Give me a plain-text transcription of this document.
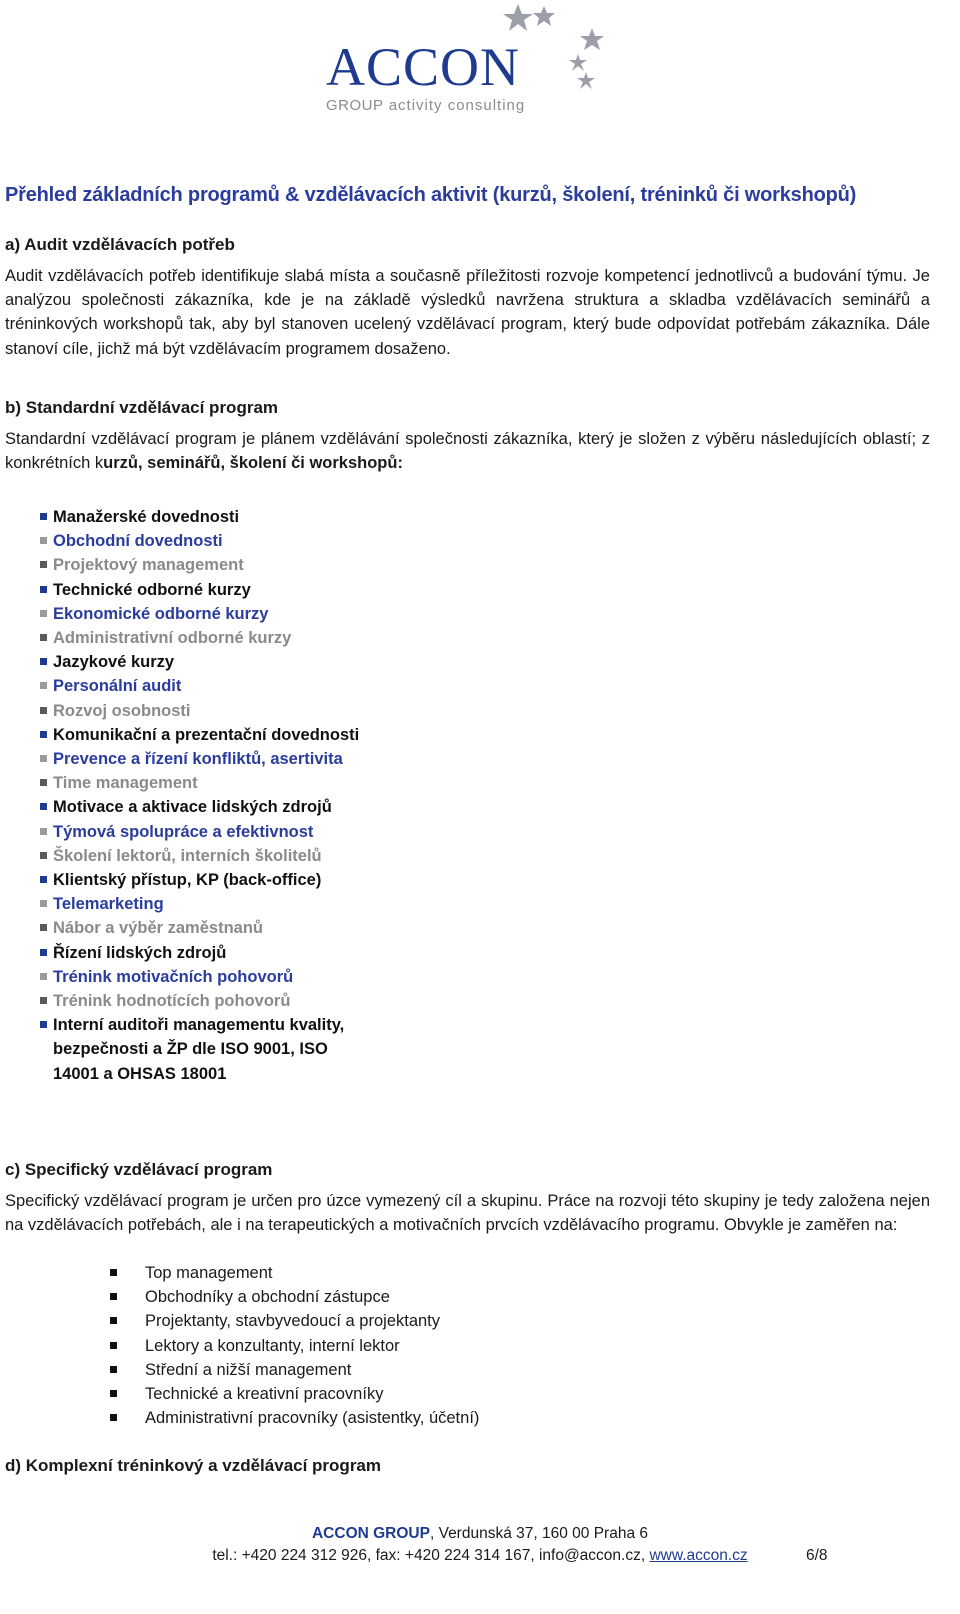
ACCON
GROUP activity consulting
Přehled základních programů & vzdělávacích aktivit (kurzů, školení, tréninků či workshopů)
a) Audit vzdělávacích potřeb
Audit vzdělávacích potřeb identifikuje slabá místa a současně příležitosti rozvoje kompetencí jednotlivců a budování týmu. Je analýzou společnosti zákazníka, kde je na základě výsledků navržena struktura a skladba vzdělávacích seminářů a tréninkových workshopů tak, aby byl stanoven ucelený vzdělávací program, který bude odpovídat potřebám zákazníka. Dále stanoví cíle, jichž má být vzdělávacím programem dosaženo.
b) Standardní vzdělávací program
Standardní vzdělávací program je plánem vzdělávání společnosti zákazníka, který je složen z výběru následujících oblastí; z konkrétních kurzů, seminářů, školení či workshopů:
Manažerské dovednosti
Obchodní dovednosti
Projektový management
Technické odborné kurzy
Ekonomické odborné kurzy
Administrativní odborné kurzy
Jazykové kurzy
Personální audit
Rozvoj osobnosti
Komunikační a prezentační dovednosti
Prevence a řízení konfliktů, asertivita
Time management
Motivace a aktivace lidských zdrojů
Týmová spolupráce a efektivnost
Školení lektorů, interních školitelů
Klientský přístup, KP (back-office)
Telemarketing
Nábor a výběr zaměstnanů
Řízení lidských zdrojů
Trénink motivačních pohovorů
Trénink hodnotících pohovorů
Interní auditoři managementu kvality,
bezpečnosti a ŽP dle ISO 9001, ISO
14001 a OHSAS 18001
c) Specifický vzdělávací program
Specifický vzdělávací program je určen pro úzce vymezený cíl a skupinu. Práce na rozvoji této skupiny je tedy založena nejen na vzdělávacích potřebách, ale i na terapeutických a motivačních prvcích vzdělávacího programu. Obvykle je zaměřen na:
Top management
Obchodníky a obchodní zástupce
Projektanty, stavbyvedoucí a projektanty
Lektory a konzultanty, interní lektor
Střední a nižší management
Technické a kreativní pracovníky
Administrativní pracovníky (asistentky, účetní)
d) Komplexní tréninkový a vzdělávací program
ACCON GROUP, Verdunská 37, 160 00 Praha 6
tel.: +420 224 312 926, fax: +420 224 314 167, info@accon.cz, www.accon.cz	6/8
